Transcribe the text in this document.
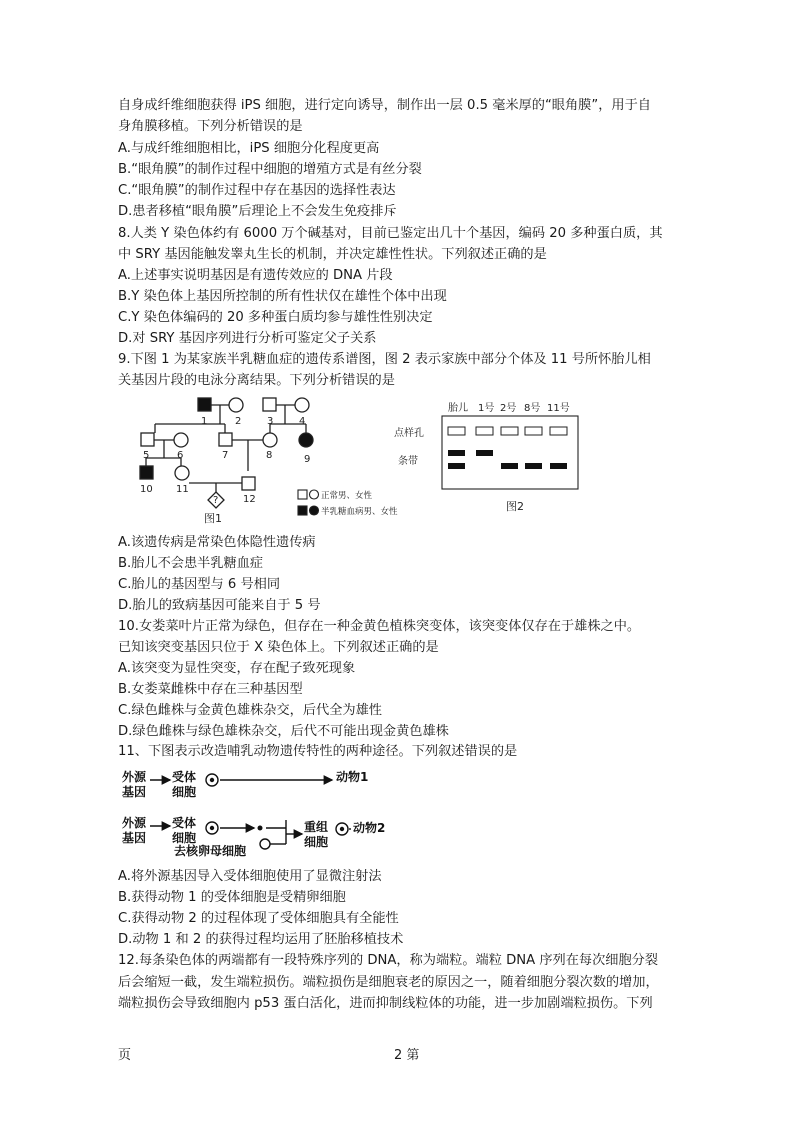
自身成纤维细胞获得 iPS 细胞，进行定向诱导，制作出一层 0.5 毫米厚的“眼角膜”，用于自
身角膜移植。下列分析错误的是
A.与成纤维细胞相比，iPS 细胞分化程度更高
B.“眼角膜”的制作过程中细胞的增殖方式是有丝分裂
C.“眼角膜”的制作过程中存在基因的选择性表达
D.患者移植“眼角膜”后理论上不会发生免疫排斥
8.人类 Y 染色体约有 6000 万个碱基对，目前已鉴定出几十个基因，编码 20 多种蛋白质，其
中 SRY 基因能触发睾丸生长的机制，并决定雄性性状。下列叙述正确的是
A.上述事实说明基因是有遗传效应的 DNA 片段
B.Y 染色体上基因所控制的所有性状仅在雄性个体中出现
C.Y 染色体编码的 20 多种蛋白质均参与雄性性别决定
D.对 SRY 基因序列进行分析可鉴定父子关系
9.下图 1 为某家族半乳糖血症的遗传系谱图，图 2 表示家族中部分个体及 11 号所怀胎儿相
关基因片段的电泳分离结果。下列分析错误的是
1	2	3	4
5	6	7	8	9
10 11
12
?
图1
正常男、女性
半乳糖血病男、女性
胎儿 1号 2号 8号 11号
点样孔
条带
图2
A.该遗传病是常染色体隐性遗传病
B.胎儿不会患半乳糖血症
C.胎儿的基因型与 6 号相同
D.胎儿的致病基因可能来自于 5 号
10.女娄菜叶片正常为绿色，但存在一种金黄色植株突变体，该突变体仅存在于雄株之中。
已知该突变基因只位于 X 染色体上。下列叙述正确的是
A.该突变为显性突变，存在配子致死现象
B.女娄菜雌株中存在三种基因型
C.绿色雌株与金黄色雄株杂交，后代全为雄性
D.绿色雌株与绿色雄株杂交，后代不可能出现金黄色雄株
11、下图表示改造哺乳动物遗传特性的两种途径。下列叙述错误的是
外源
基因
受体
细胞
动物1
外源
基因
受体
细胞
重组
细胞
动物2
去核卵母细胞
A.将外源基因导入受体细胞使用了显微注射法
B.获得动物 1 的受体细胞是受精卵细胞
C.获得动物 2 的过程体现了受体细胞具有全能性
D.动物 1 和 2 的获得过程均运用了胚胎移植技术
12.每条染色体的两端都有一段特殊序列的 DNA，称为端粒。端粒 DNA 序列在每次细胞分裂
后会缩短一截，发生端粒损伤。端粒损伤是细胞衰老的原因之一，随着细胞分裂次数的增加，
端粒损伤会导致细胞内 p53 蛋白活化，进而抑制线粒体的功能，进一步加剧端粒损伤。下列
页	2 第
